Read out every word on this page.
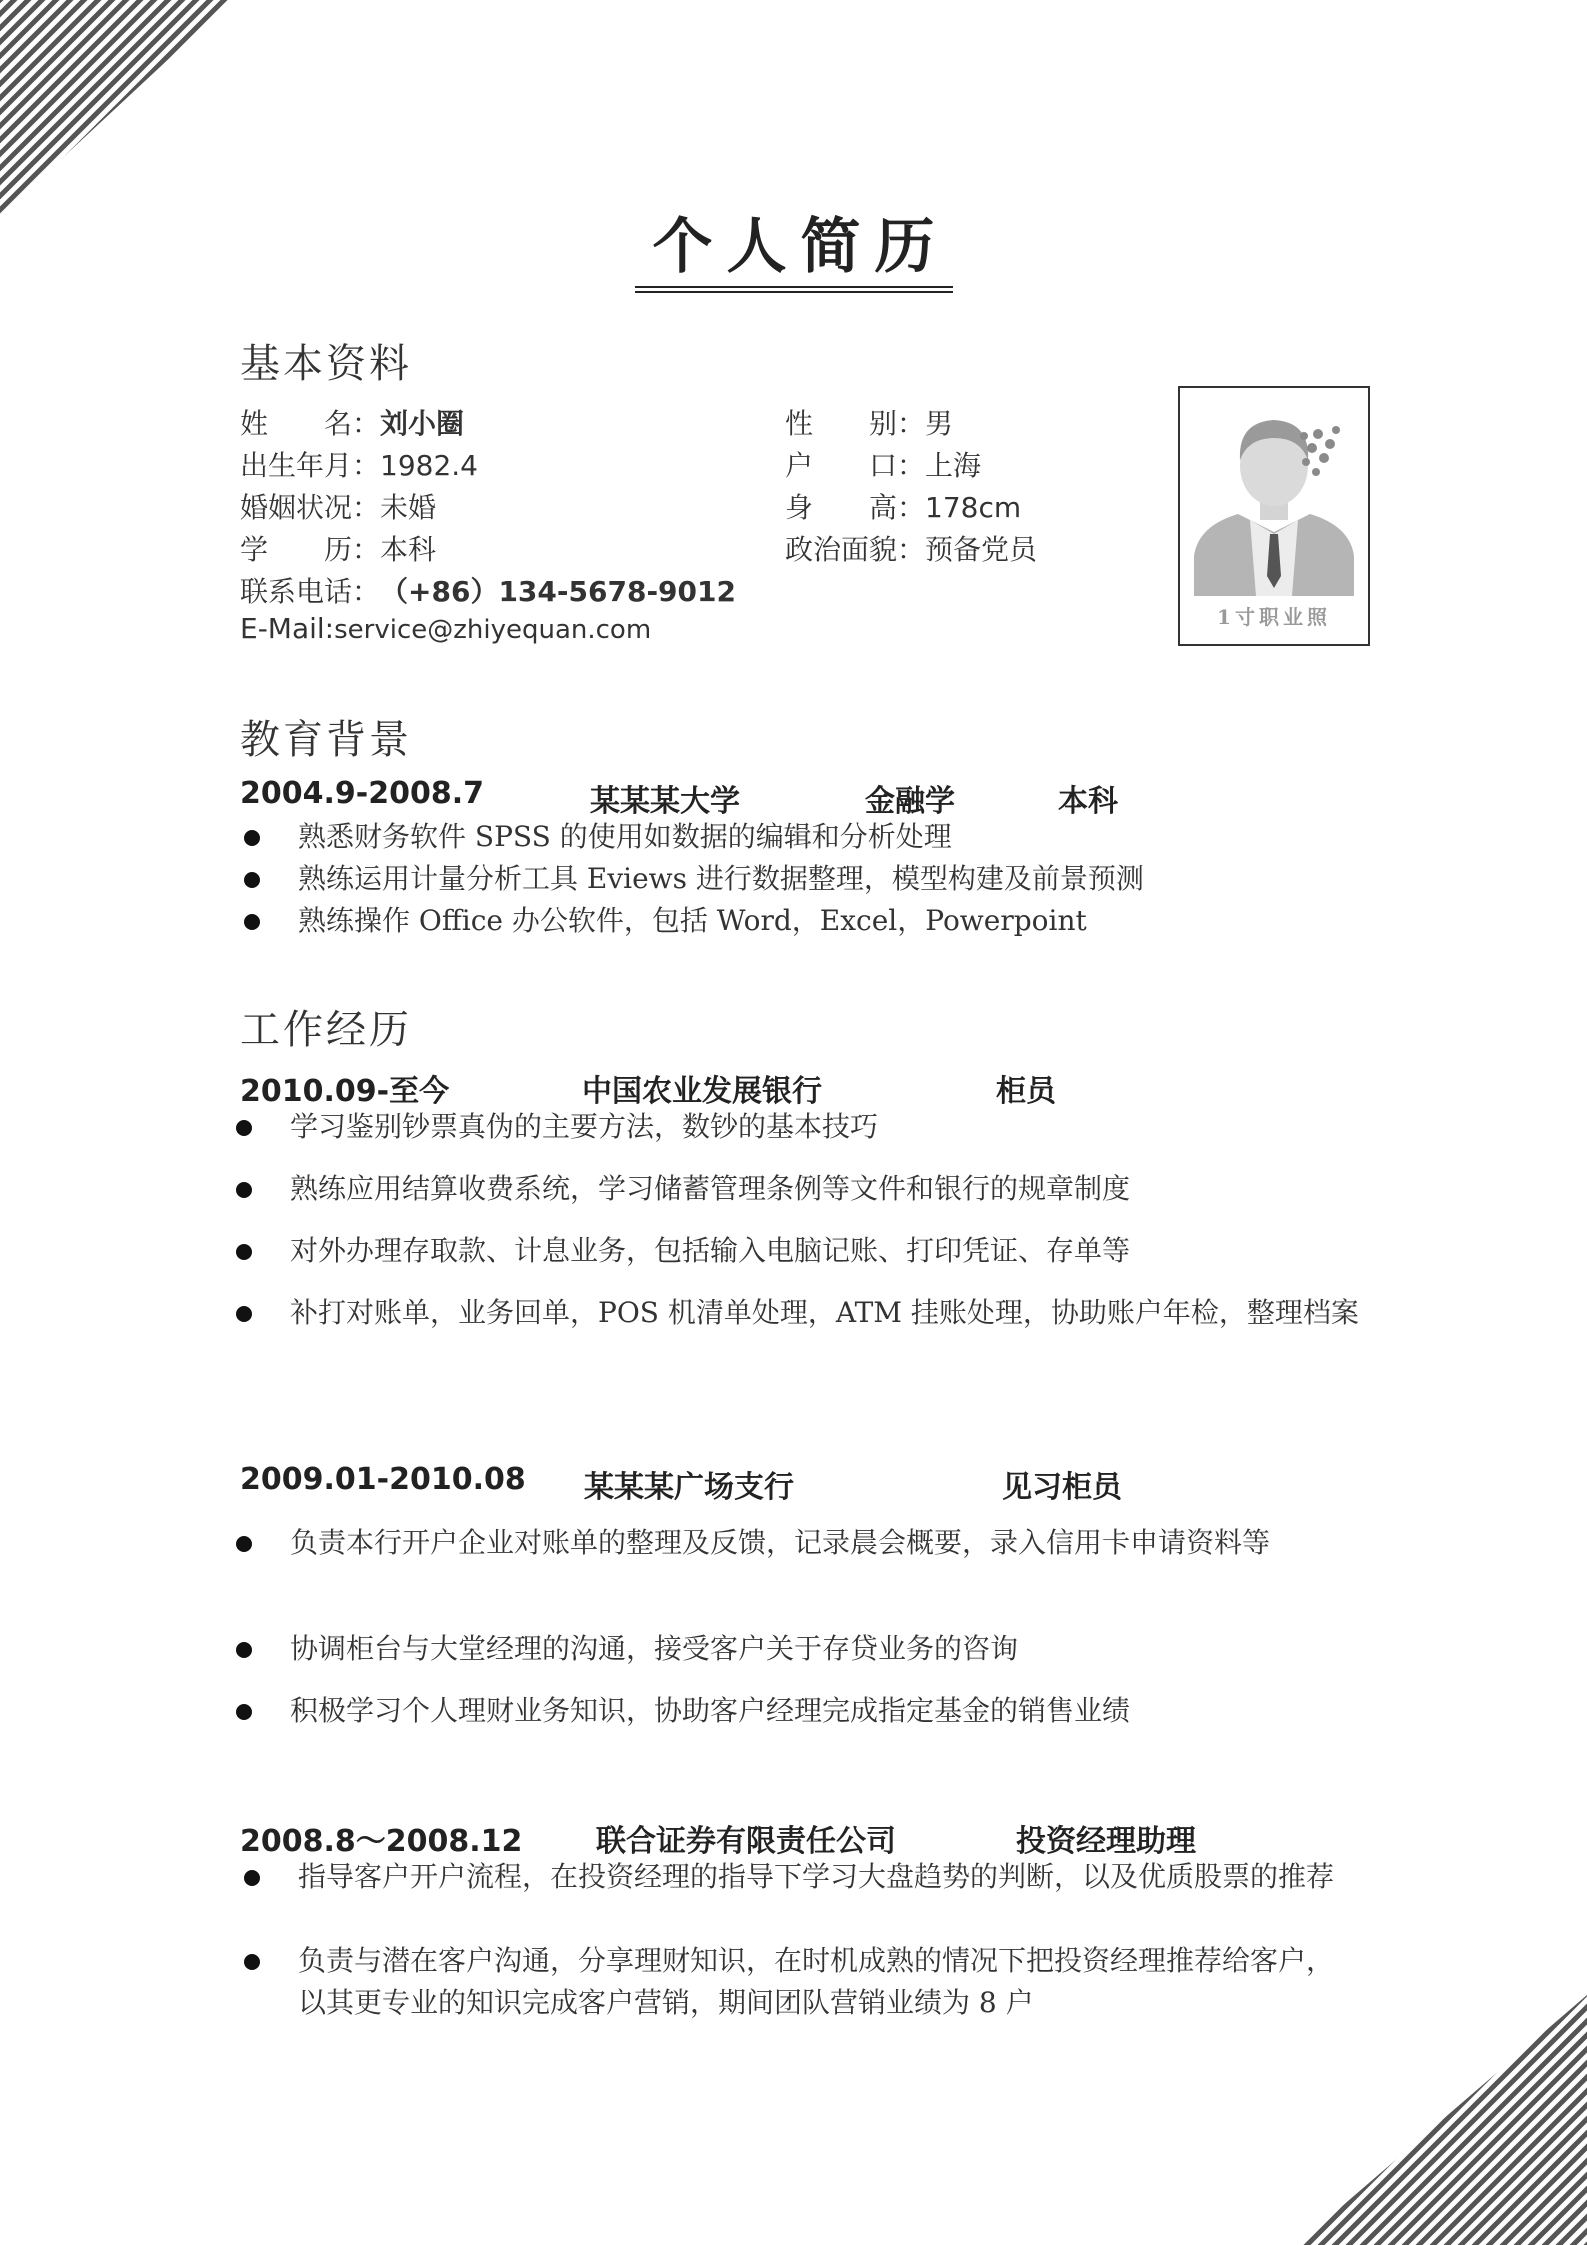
个人简历
基本资料
姓　　名：刘小圈
出生年月：1982.4
婚姻状况：未婚
学　　历：本科
联系电话：（+86）134-5678-9012
E-Mail:service@zhiyequan.com
性　　别：男
户　　口：上海
身　　高：178cm
政治面貌：预备党员
1寸职业照
教育背景
2004.9-2008.7	某某某大学	金融学	本科
熟悉财务软件 SPSS 的使用如数据的编辑和分析处理
熟练运用计量分析工具 Eviews 进行数据整理，模型构建及前景预测
熟练操作 Office 办公软件，包括 Word，Excel，Powerpoint
工作经历
2010.09-至今	中国农业发展银行	柜员
学习鉴别钞票真伪的主要方法，数钞的基本技巧
熟练应用结算收费系统，学习储蓄管理条例等文件和银行的规章制度
对外办理存取款、计息业务，包括输入电脑记账、打印凭证、存单等
补打对账单，业务回单，POS 机清单处理，ATM 挂账处理，协助账户年检，整理档案
2009.01-2010.08 某某某广场支行	见习柜员
负责本行开户企业对账单的整理及反馈，记录晨会概要，录入信用卡申请资料等
协调柜台与大堂经理的沟通，接受客户关于存贷业务的咨询
积极学习个人理财业务知识，协助客户经理完成指定基金的销售业绩
2008.8～2008.12 联合证券有限责任公司	投资经理助理
指导客户开户流程，在投资经理的指导下学习大盘趋势的判断，以及优质股票的推荐
负责与潜在客户沟通，分享理财知识，在时机成熟的情况下把投资经理推荐给客户，以其更专业的知识完成客户营销，期间团队营销业绩为 8 户
